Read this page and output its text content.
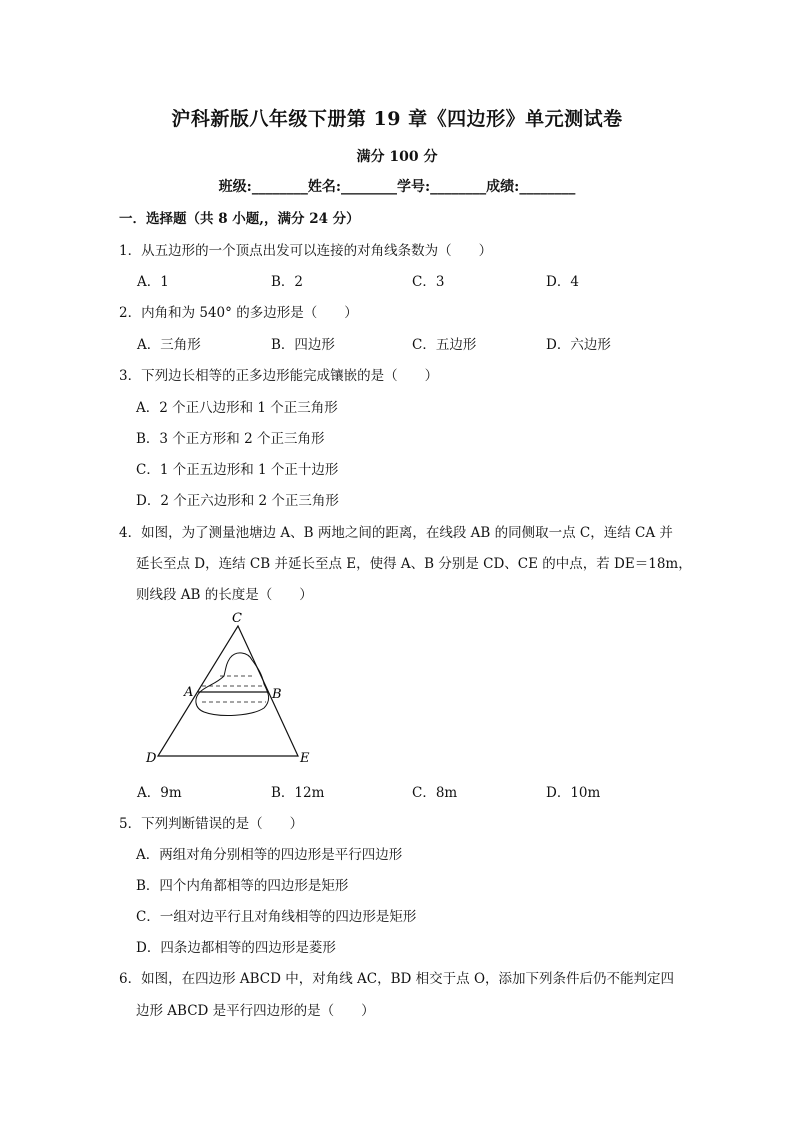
沪科新版八年级下册第 19 章《四边形》单元测试卷
满分 100 分
班级:________姓名:________学号:________成绩:________
一．选择题（共 8 小题,，满分 24 分）
1．从五边形的一个顶点出发可以连接的对角线条数为（　　）
A．1	B．2	C．3	D．4
2．内角和为 540° 的多边形是（　　）
A．三角形	B．四边形	C．五边形	D．六边形
3．下列边长相等的正多边形能完成镶嵌的是（　　）
A．2 个正八边形和 1 个正三角形
B．3 个正方形和 2 个正三角形
C．1 个正五边形和 1 个正十边形
D．2 个正六边形和 2 个正三角形
4．如图，为了测量池塘边 A、B 两地之间的距离，在线段 AB 的同侧取一点 C，连结 CA 并
延长至点 D，连结 CB 并延长至点 E，使得 A、B 分别是 CD、CE 的中点，若 DE＝18m，
则线段 AB 的长度是（　　）
C
A	B
D	E
A．9m	B．12m	C．8m	D．10m
5．下列判断错误的是（　　）
A．两组对角分别相等的四边形是平行四边形
B．四个内角都相等的四边形是矩形
C．一组对边平行且对角线相等的四边形是矩形
D．四条边都相等的四边形是菱形
6．如图，在四边形 ABCD 中，对角线 AC，BD 相交于点 O，添加下列条件后仍不能判定四
边形 ABCD 是平行四边形的是（　　）
